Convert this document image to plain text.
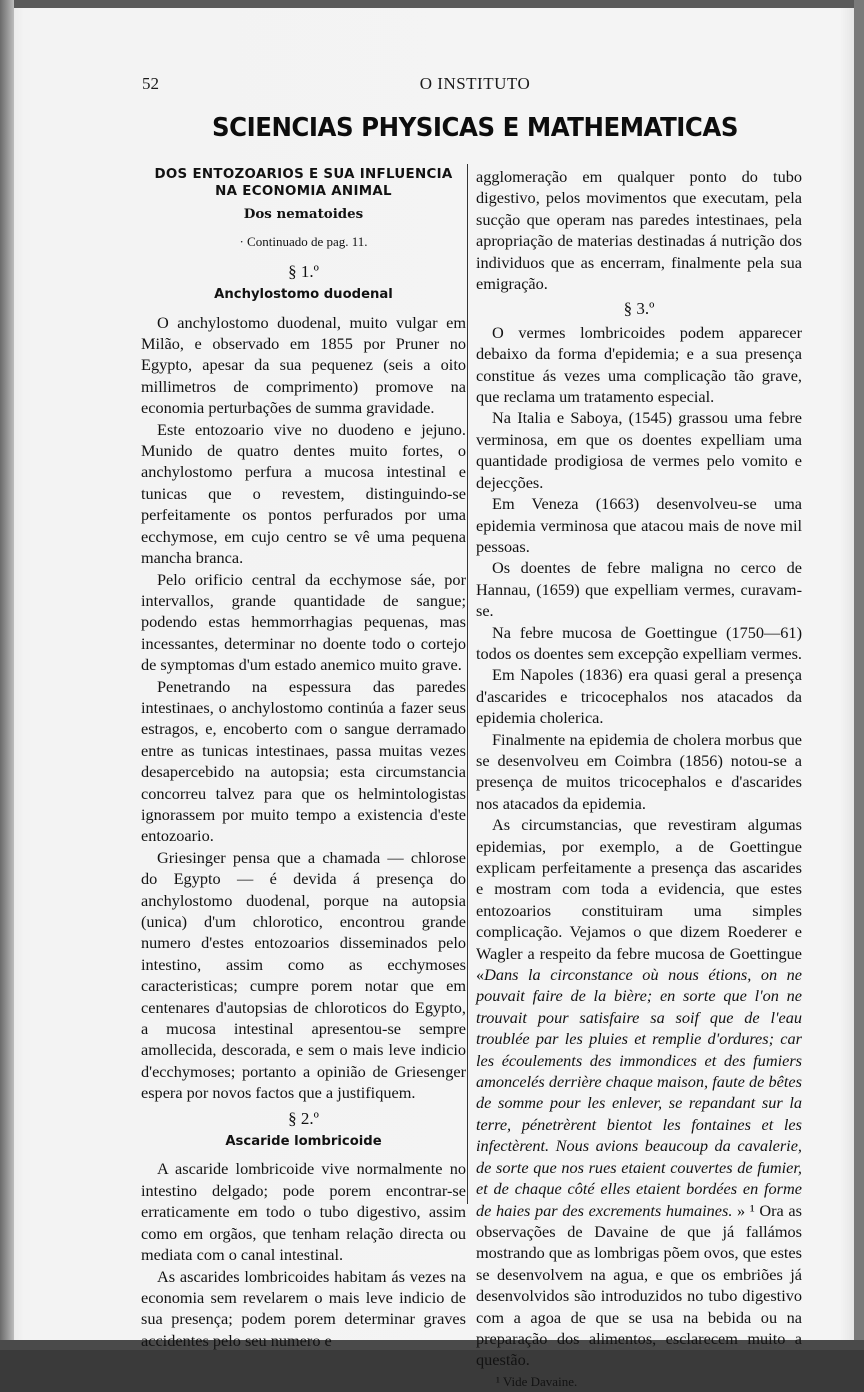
52	O INSTITUTO
SCIENCIAS PHYSICAS E MATHEMATICAS
DOS ENTOZOARIOS E SUA INFLUENCIA
NA ECONOMIA ANIMAL
Dos nematoides
· Continuado de pag. 11.
§ 1.º
Anchylostomo duodenal

O anchylostomo duodenal, muito vulgar em Milão, e observado em 1855 por Pruner no Egypto, apesar da sua pequenez (seis a oito millimetros de comprimento) promove na economia perturbações de summa gravidade.

Este entozoario vive no duodeno e jejuno. Munido de quatro dentes muito fortes, o anchylostomo perfura a mucosa intestinal e tunicas que o revestem, distinguindo-se perfeitamente os pontos perfurados por uma ecchymose, em cujo centro se vê uma pequena mancha branca.

Pelo orificio central da ecchymose sáe, por intervallos, grande quantidade de sangue; podendo estas hemmorrhagias pequenas, mas incessantes, determinar no doente todo o cortejo de symptomas d'um estado anemico muito grave.

Penetrando na espessura das paredes intestinaes, o anchylostomo continúa a fazer seus estragos, e, encoberto com o sangue derramado entre as tunicas intestinaes, passa muitas vezes desapercebido na autopsia; esta circumstancia concorreu talvez para que os helmintologistas ignorassem por muito tempo a existencia d'este entozoario.

Griesinger pensa que a chamada — chlorose do Egypto — é devida á presença do anchylostomo duodenal, porque na autopsia (unica) d'um chlorotico, encontrou grande numero d'estes entozoarios disseminados pelo intestino, assim como as ecchymoses caracteristicas; cumpre porem notar que em centenares d'autopsias de chloroticos do Egypto, a mucosa intestinal apresentou-se sempre amollecida, descorada, e sem o mais leve indicio d'ecchymoses; portanto a opinião de Griesenger espera por novos factos que a justifiquem.

§ 2.º
Ascaride lombricoide

A ascaride lombricoide vive normalmente no intestino delgado; pode porem encontrar-se erraticamente em todo o tubo digestivo, assim como em orgãos, que tenham relação directa ou mediata com o canal intestinal.

As ascarides lombricoides habitam ás vezes na economia sem revelarem o mais leve indicio de sua presença; podem porem determinar graves accidentes pelo seu numero e

agglomeração em qualquer ponto do tubo digestivo, pelos movimentos que executam, pela sucção que operam nas paredes intestinaes, pela apropriação de materias destinadas á nutrição dos individuos que as encerram, finalmente pela sua emigração.

§ 3.º

O vermes lombricoides podem apparecer debaixo da forma d'epidemia; e a sua presença constitue ás vezes uma complicação tão grave, que reclama um tratamento especial.

Na Italia e Saboya, (1545) grassou uma febre verminosa, em que os doentes expelliam uma quantidade prodigiosa de vermes pelo vomito e dejecções.

Em Veneza (1663) desenvolveu-se uma epidemia verminosa que atacou mais de nove mil pessoas.

Os doentes de febre maligna no cerco de Hannau, (1659) que expelliam vermes, curavam-se.

Na febre mucosa de Goettingue (1750—61) todos os doentes sem excepção expelliam vermes.

Em Napoles (1836) era quasi geral a presença d'ascarides e tricocephalos nos atacados da epidemia cholerica.

Finalmente na epidemia de cholera morbus que se desenvolveu em Coimbra (1856) notou-se a presença de muitos tricocephalos e d'ascarides nos atacados da epidemia.

As circumstancias, que revestiram algumas epidemias, por exemplo, a de Goettingue explicam perfeitamente a presença das ascarides e mostram com toda a evidencia, que estes entozoarios constituiram uma simples complicação. Vejamos o que dizem Roederer e Wagler a respeito da febre mucosa de Goettingue «Dans la circonstance où nous étions, on ne pouvait faire de la bière; en sorte que l'on ne trouvait pour satisfaire sa soif que de l'eau troublée par les pluies et remplie d'ordures; car les écoulements des immondices et des fumiers amoncelés derrière chaque maison, faute de bêtes de somme pour les enlever, se repandant sur la terre, pénetrèrent bientot les fontaines et les infectèrent. Nous avions beaucoup da cavalerie, de sorte que nos rues etaient couvertes de fumier, et de chaque côté elles etaient bordées en forme de haies par des excrements humaines. » ¹ Ora as observações de Davaine de que já fallámos mostrando que as lombrigas põem ovos, que estes se desenvolvem na agua, e que os embriões já desenvolvidos são introduzidos no tubo digestivo com a agoa de que se usa na bebida ou na preparação dos alimentos, esclarecem muito a questão.

¹ Vide Davaine.
